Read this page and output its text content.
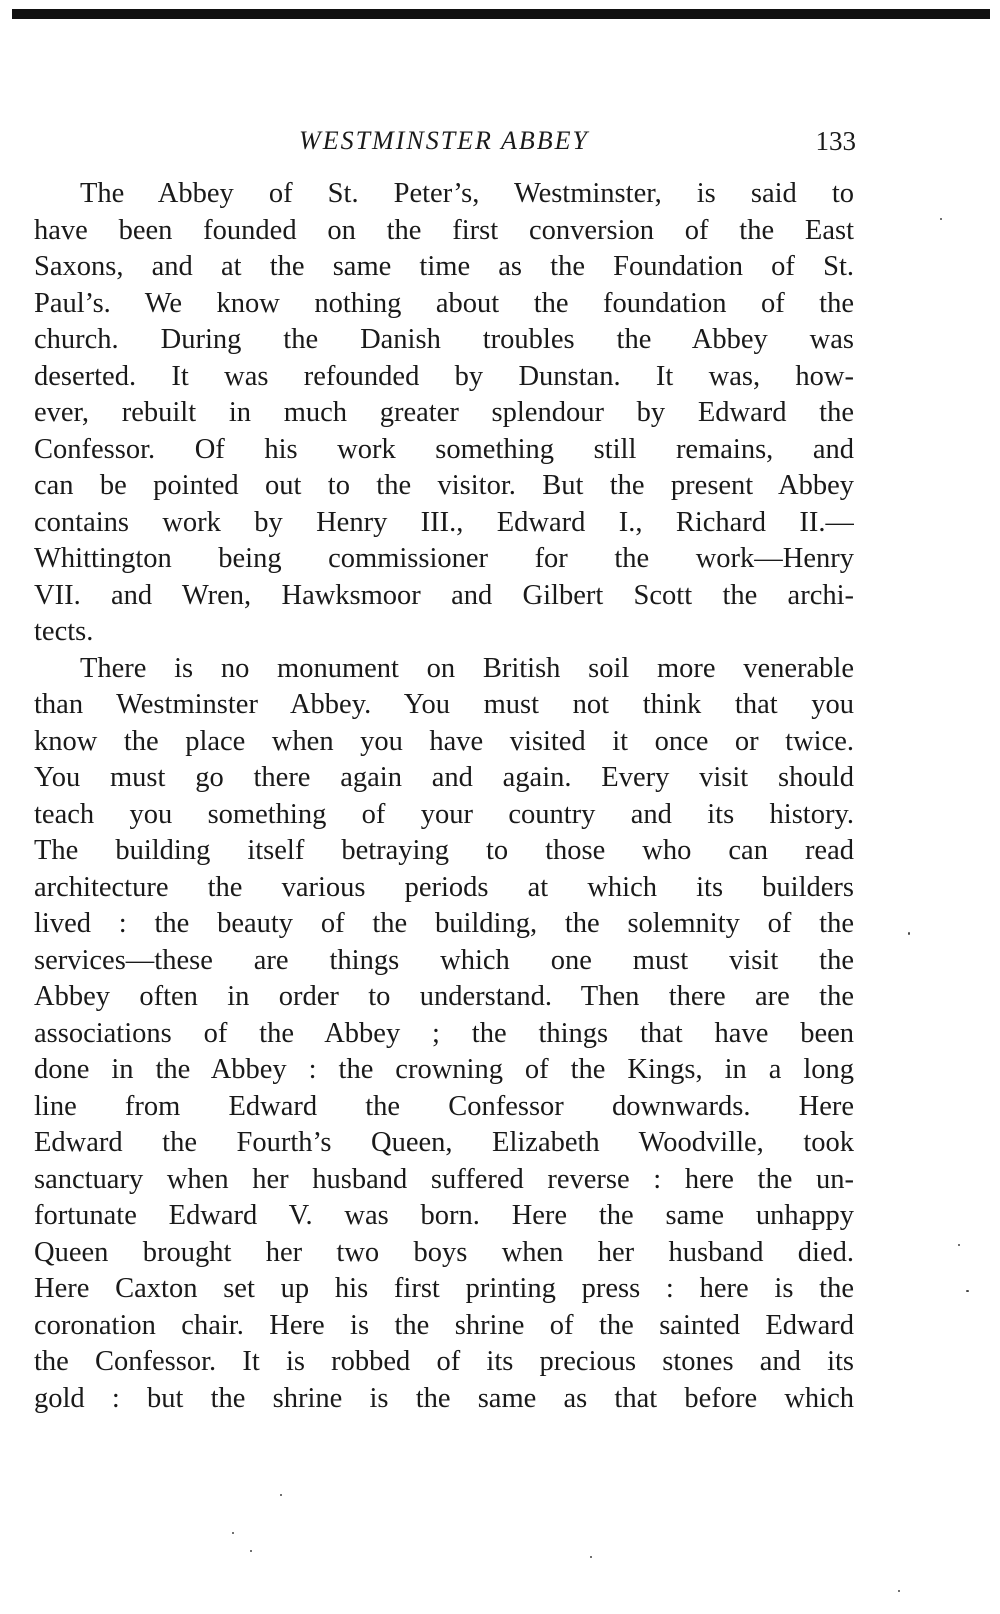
WESTMINSTER ABBEY	133
The Abbey of St. Peter’s, Westminster, is said to
have been founded on the first conversion of the East
Saxons, and at the same time as the Foundation of St.
Paul’s. We know nothing about the foundation of the
church. During the Danish troubles the Abbey was
deserted. It was refounded by Dunstan. It was, how-
ever, rebuilt in much greater splendour by Edward the
Confessor. Of his work something still remains, and
can be pointed out to the visitor. But the present Abbey
contains work by Henry III., Edward I., Richard II.—
Whittington being commissioner for the work—Henry
VII. and Wren, Hawksmoor and Gilbert Scott the archi-
tects.
There is no monument on British soil more venerable
than Westminster Abbey. You must not think that you
know the place when you have visited it once or twice.
You must go there again and again. Every visit should
teach you something of your country and its history.
The building itself betraying to those who can read
architecture the various periods at which its builders
lived : the beauty of the building, the solemnity of the
services—these are things which one must visit the
Abbey often in order to understand. Then there are the
associations of the Abbey ; the things that have been
done in the Abbey : the crowning of the Kings, in a long
line from Edward the Confessor downwards. Here
Edward the Fourth’s Queen, Elizabeth Woodville, took
sanctuary when her husband suffered reverse : here the un-
fortunate Edward V. was born. Here the same unhappy
Queen brought her two boys when her husband died.
Here Caxton set up his first printing press : here is the
coronation chair. Here is the shrine of the sainted Edward
the Confessor. It is robbed of its precious stones and its
gold : but the shrine is the same as that before which
